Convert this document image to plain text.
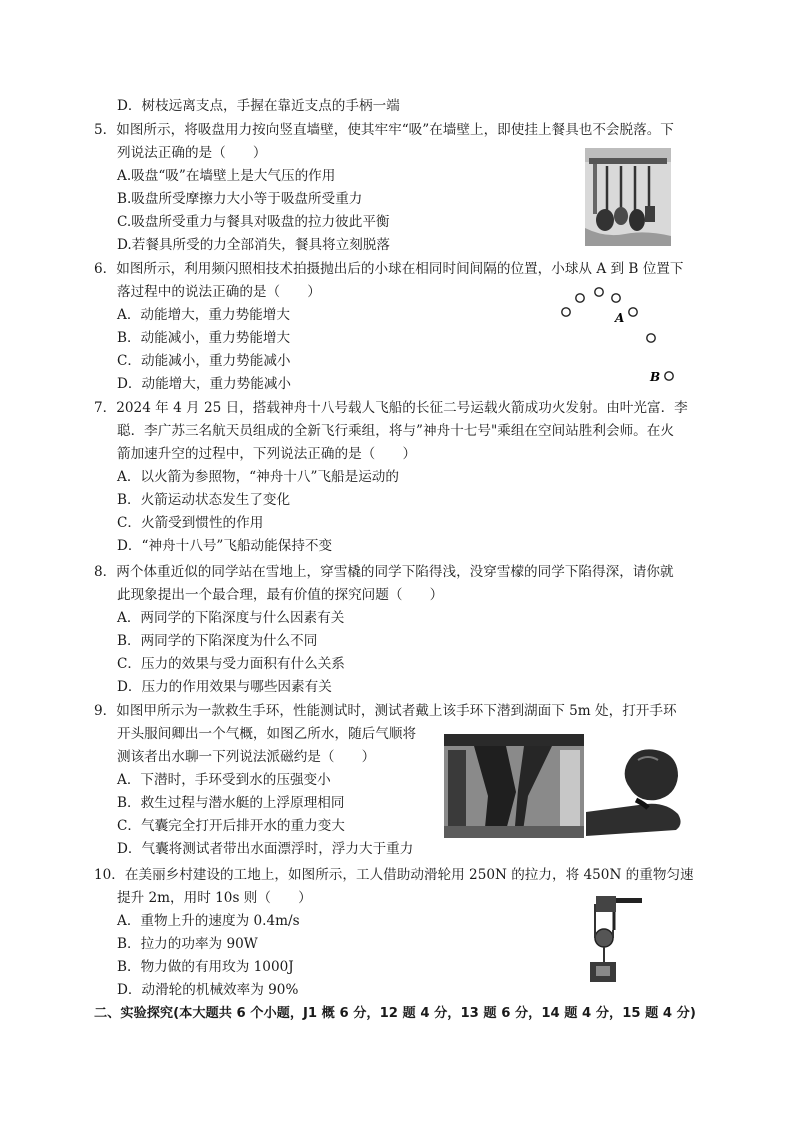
D．树枝远离支点，手握在靠近支点的手柄一端
5．如图所示，将吸盘用力按向竖直墙壁，使其牢牢“吸”在墙壁上，即使挂上餐具也不会脱落。下
列说法正确的是（　　）
A.吸盘“吸”在墙壁上是大气压的作用
B.吸盘所受摩擦力大小等于吸盘所受重力
C.吸盘所受重力与餐具对吸盘的拉力彼此平衡
D.若餐具所受的力全部消失，餐具将立刻脱落
6．如图所示，利用频闪照相技术拍摄抛出后的小球在相同时间间隔的位置，小球从 A 到 B 位置下
落过程中的说法正确的是（　　）
A．动能增大，重力势能增大
B．动能减小，重力势能增大
C．动能减小，重力势能减小
D．动能增大，重力势能减小
A
B
7．2024 年 4 月 25 日，搭载神舟十八号载人飞船的长征二号运载火箭成功火发射。由叶光富．李
聪．李广苏三名航天员组成的全新飞行乘组，将与”神舟十七号"乘组在空间站胜利会师。在火
箭加速升空的过程中，下列说法正确的是（　　）
A．以火箭为参照物，“神舟十八”飞船是运动的
B．火箭运动状态发生了变化
C．火箭受到惯性的作用
D．“神舟十八号”飞船动能保持不变
8．两个体重近似的同学站在雪地上，穿雪橇的同学下陷得浅，没穿雪檬的同学下陷得深，请你就
此现象提出一个最合理，最有价值的探究问题（　　）
A．两同学的下陷深度与什么因素有关
B．两同学的下陷深度为什么不同
C．压力的效果与受力面积有什么关系
D．压力的作用效果与哪些因素有关
9．如图甲所示为一款救生手环，性能测试时，测试者戴上该手环下潜到湖面下 5m 处，打开手环
开头服间卿出一个气概，如图乙所水，随后气顺将
测该者出水聊一下列说法派磁约是（　　）
A．下潜时，手环受到水的压强变小
B．救生过程与潜水艇的上浮原理相同
C．气囊完全打开后排开水的重力变大
D．气囊将测试者带出水面漂浮时，浮力大于重力
10．在美丽乡村建设的工地上，如图所示，工人借助动滑轮用 250N 的拉力，将 450N 的重物匀速
提升 2m，用时 10s 则（　　）
A．重物上升的速度为 0.4m/s
B．拉力的功率为 90W
B．物力做的有用玫为 1000J
D．动滑轮的机械效率为 90%
二、实验探究(本大题共 6 个小题，J1 概 6 分，12 题 4 分，13 题 6 分，14 题 4 分，15 题 4 分)
